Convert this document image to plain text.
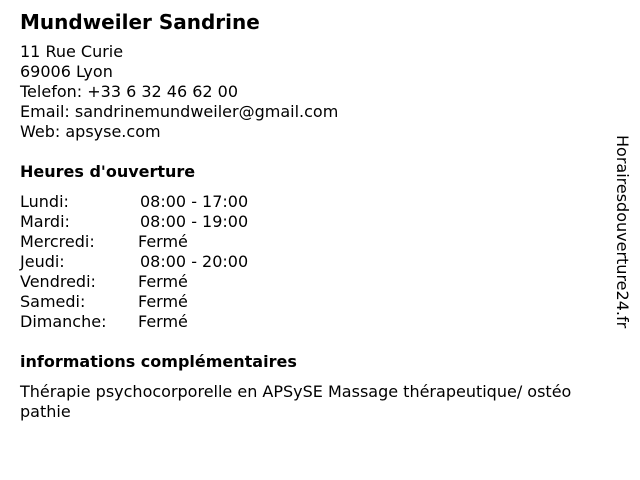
Mundweiler Sandrine
11 Rue Curie
69006 Lyon
Telefon: +33 6 32 46 62 00
Email: sandrinemundweiler@gmail.com
Web: apsyse.com
Heures d'ouverture
Lundi:	08:00 - 17:00
Mardi:	08:00 - 19:00
Mercredi:	Fermé
Jeudi:	08:00 - 20:00
Vendredi:	Fermé
Samedi:	Fermé
Dimanche: Fermé
informations complémentaires
Thérapie psychocorporelle en APSySE Massage thérapeutique/ ostéo pathie
Horairesdouverture24.fr
